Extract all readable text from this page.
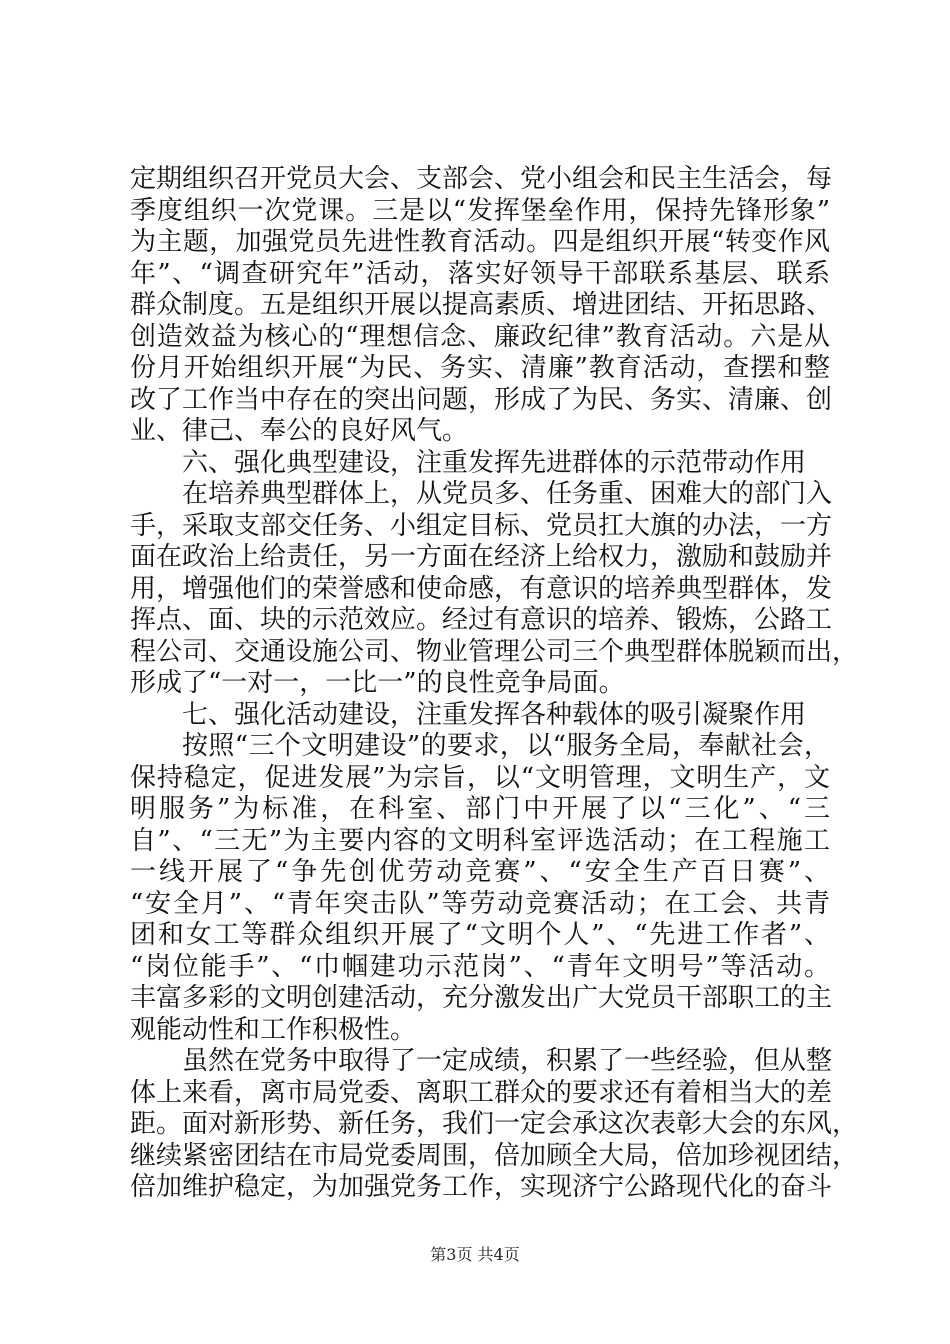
定期组织召开党员大会、支部会、党小组会和民主生活会，每
季度组织一次党课。三是以“发挥堡垒作用，保持先锋形象”
为主题，加强党员先进性教育活动。四是组织开展“转变作风
年”、“调查研究年”活动，落实好领导干部联系基层、联系
群众制度。五是组织开展以提高素质、增进团结、开拓思路、
创造效益为核心的“理想信念、廉政纪律”教育活动。六是从
份月开始组织开展“为民、务实、清廉”教育活动，查摆和整
改了工作当中存在的突出问题，形成了为民、务实、清廉、创
业、律己、奉公的良好风气。
六、强化典型建设，注重发挥先进群体的示范带动作用
在培养典型群体上，从党员多、任务重、困难大的部门入
手，采取支部交任务、小组定目标、党员扛大旗的办法，一方
面在政治上给责任，另一方面在经济上给权力，激励和鼓励并
用，增强他们的荣誉感和使命感，有意识的培养典型群体，发
挥点、面、块的示范效应。经过有意识的培养、锻炼，公路工
程公司、交通设施公司、物业管理公司三个典型群体脱颖而出，
形成了“一对一，一比一”的良性竞争局面。
七、强化活动建设，注重发挥各种载体的吸引凝聚作用
按照“三个文明建设”的要求，以“服务全局，奉献社会，
保持稳定，促进发展”为宗旨，以“文明管理，文明生产，文
明服务”为标准，在科室、部门中开展了以“三化”、“三
自”、“三无”为主要内容的文明科室评选活动；在工程施工
一线开展了“争先创优劳动竞赛”、“安全生产百日赛”、
“安全月”、“青年突击队”等劳动竞赛活动；在工会、共青
团和女工等群众组织开展了“文明个人”、“先进工作者”、
“岗位能手”、“巾帼建功示范岗”、“青年文明号”等活动。
丰富多彩的文明创建活动，充分激发出广大党员干部职工的主
观能动性和工作积极性。
虽然在党务中取得了一定成绩，积累了一些经验，但从整
体上来看，离市局党委、离职工群众的要求还有着相当大的差
距。面对新形势、新任务，我们一定会承这次表彰大会的东风，
继续紧密团结在市局党委周围，倍加顾全大局，倍加珍视团结，
倍加维护稳定，为加强党务工作，实现济宁公路现代化的奋斗
第3页 共4页
